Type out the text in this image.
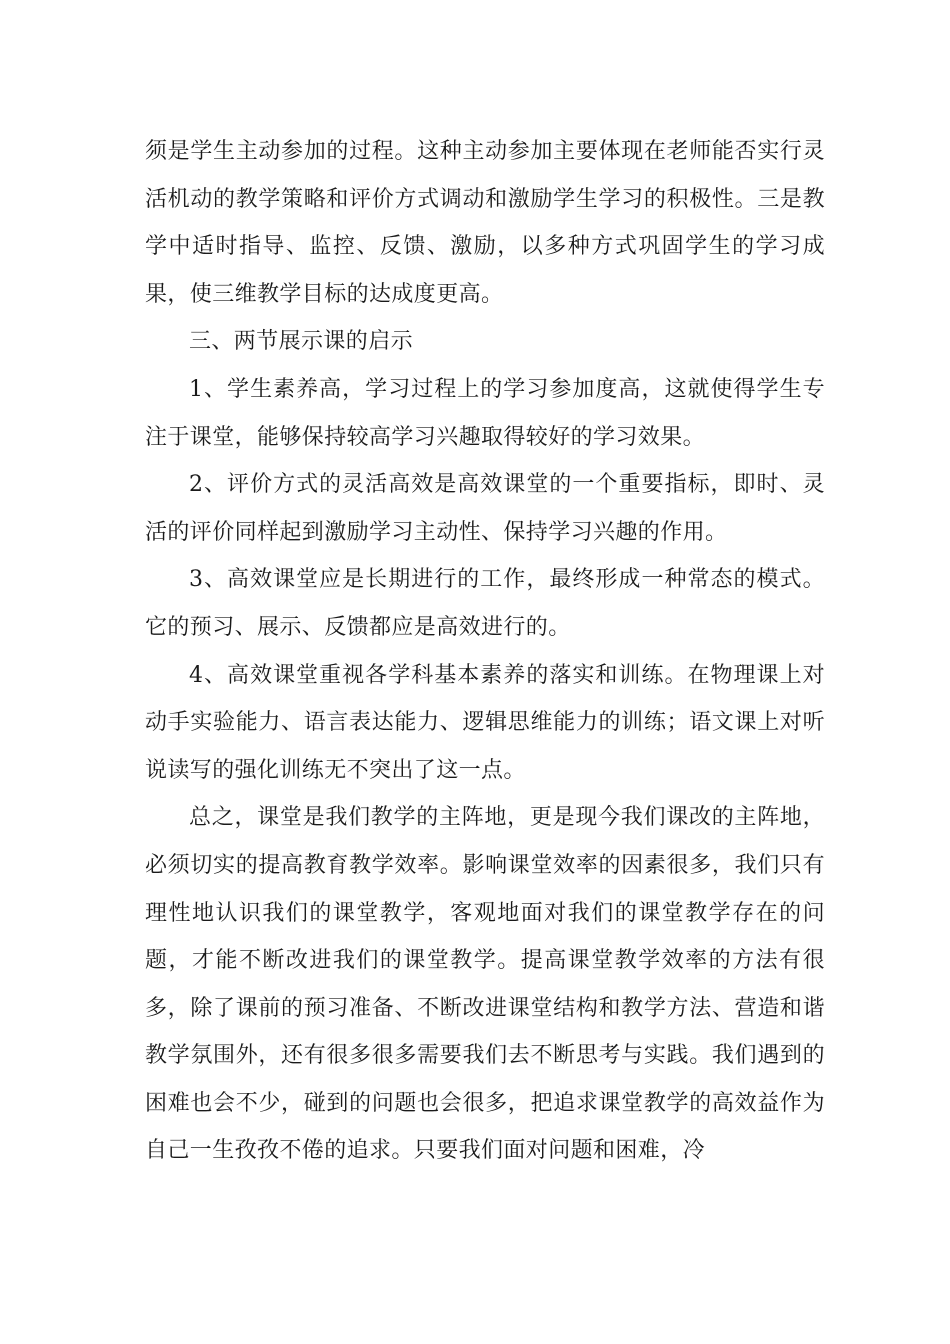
须是学生主动参加的过程。这种主动参加主要体现在老师能否实行灵活机动的教学策略和评价方式调动和激励学生学习的积极性。三是教学中适时指导、监控、反馈、激励，以多种方式巩固学生的学习成果，使三维教学目标的达成度更高。

三、两节展示课的启示

1、学生素养高，学习过程上的学习参加度高，这就使得学生专注于课堂，能够保持较高学习兴趣取得较好的学习效果。

2、评价方式的灵活高效是高效课堂的一个重要指标，即时、灵活的评价同样起到激励学习主动性、保持学习兴趣的作用。

3、高效课堂应是长期进行的工作，最终形成一种常态的模式。它的预习、展示、反馈都应是高效进行的。

4、高效课堂重视各学科基本素养的落实和训练。在物理课上对动手实验能力、语言表达能力、逻辑思维能力的训练；语文课上对听说读写的强化训练无不突出了这一点。

总之，课堂是我们教学的主阵地，更是现今我们课改的主阵地，必须切实的提高教育教学效率。影响课堂效率的因素很多，我们只有理性地认识我们的课堂教学，客观地面对我们的课堂教学存在的问题，才能不断改进我们的课堂教学。提高课堂教学效率的方法有很多，除了课前的预习准备、不断改进课堂结构和教学方法、营造和谐教学氛围外，还有很多很多需要我们去不断思考与实践。我们遇到的困难也会不少，碰到的问题也会很多，把追求课堂教学的高效益作为自己一生孜孜不倦的追求。只要我们面对问题和困难，冷
